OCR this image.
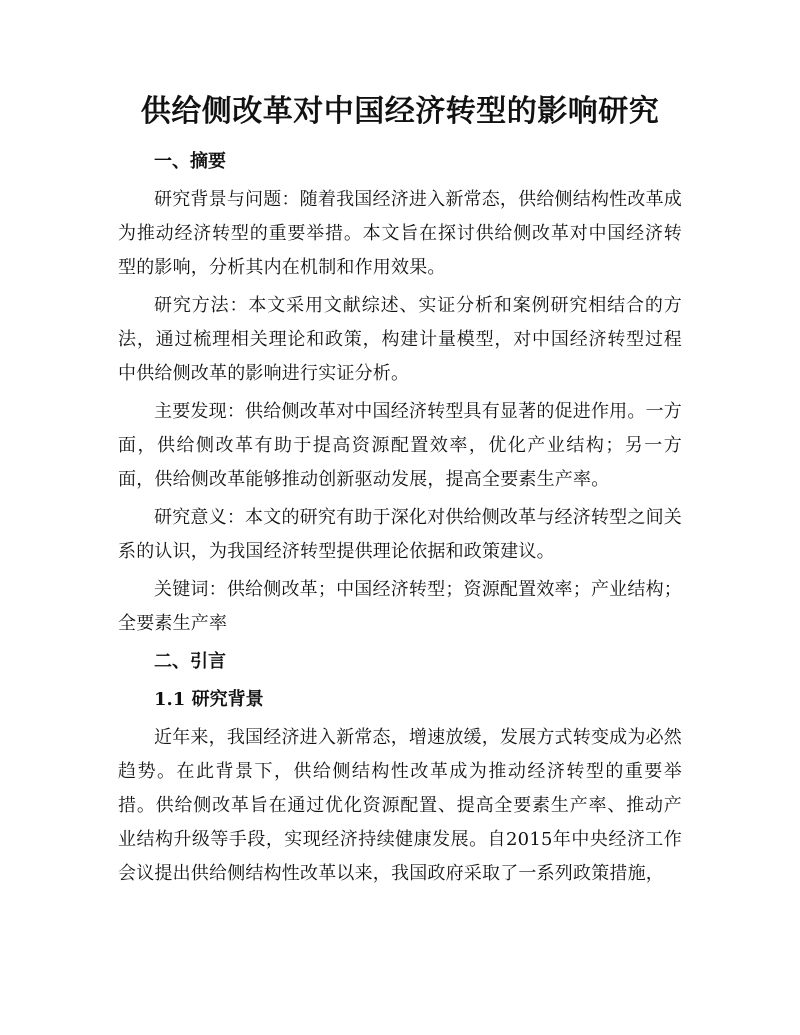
供给侧改革对中国经济转型的影响研究
一、摘要

研究背景与问题：随着我国经济进入新常态，供给侧结构性改革成为推动经济转型的重要举措。本文旨在探讨供给侧改革对中国经济转型的影响，分析其内在机制和作用效果。

研究方法：本文采用文献综述、实证分析和案例研究相结合的方法，通过梳理相关理论和政策，构建计量模型，对中国经济转型过程中供给侧改革的影响进行实证分析。

主要发现：供给侧改革对中国经济转型具有显著的促进作用。一方面，供给侧改革有助于提高资源配置效率，优化产业结构；另一方面，供给侧改革能够推动创新驱动发展，提高全要素生产率。

研究意义：本文的研究有助于深化对供给侧改革与经济转型之间关系的认识，为我国经济转型提供理论依据和政策建议。

关键词：供给侧改革；中国经济转型；资源配置效率；产业结构；全要素生产率

二、引言
1.1 研究背景

近年来，我国经济进入新常态，增速放缓，发展方式转变成为必然趋势。在此背景下，供给侧结构性改革成为推动经济转型的重要举措。供给侧改革旨在通过优化资源配置、提高全要素生产率、推动产业结构升级等手段，实现经济持续健康发展。自2015年中央经济工作会议提出供给侧结构性改革以来，我国政府采取了一系列政策措施，
